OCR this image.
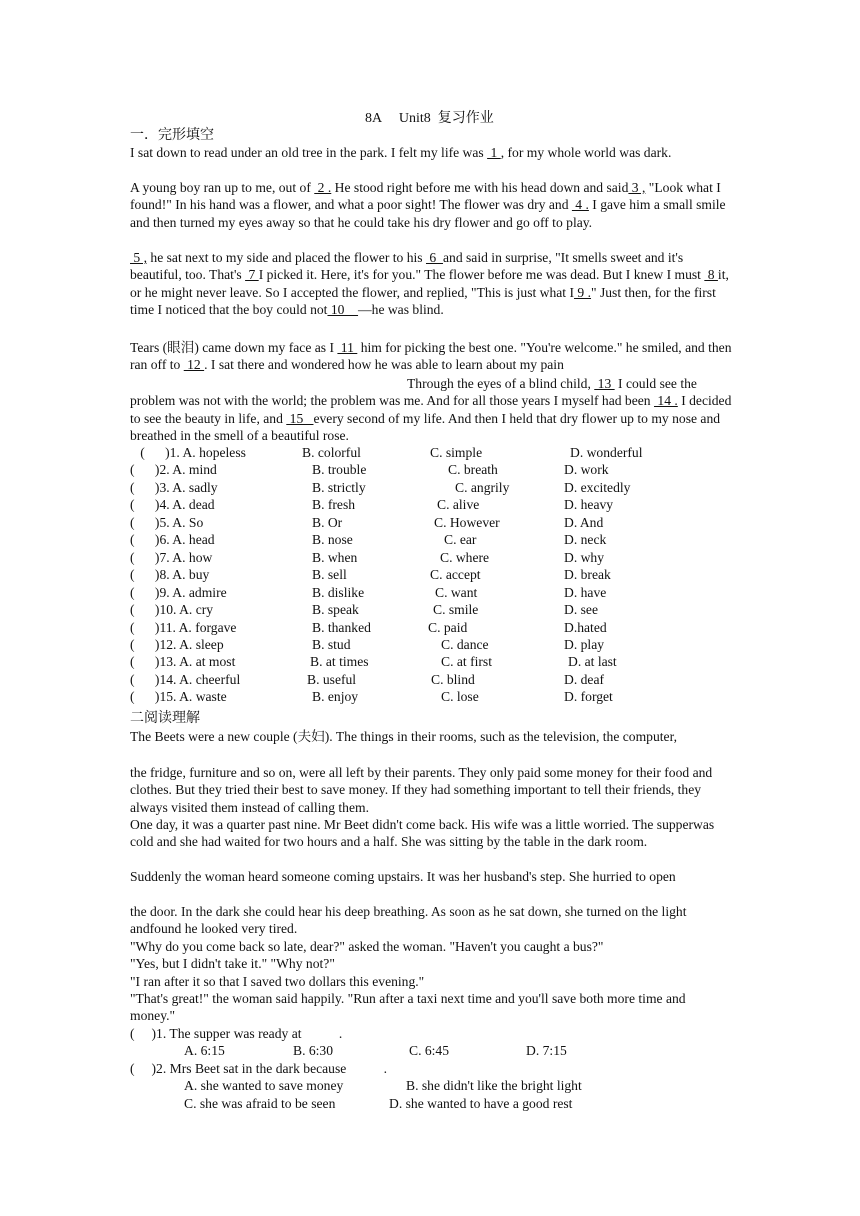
8A     Unit8  复习作业
一．完形填空
I sat down to read under an old tree in the park. I felt my life was  1 , for my whole world was dark.
A young boy ran up to me, out of  2 . He stood right before me with his head down and said 3 , "Look what I found!" In his hand was a flower, and what a poor sight! The flower was dry and  4 . I gave him a small smile and then turned my eyes away so that he could take his dry flower and go off to play.
5 , he sat next to my side and placed the flower to his  6  and said in surprise, "It smells sweet and it's beautiful, too. That's  7 I picked it. Here, it's for you." The flower before me was dead. But I knew I must  8 it, or he might never leave. So I accepted the flower, and replied, "This is just what I 9 ." Just then, for the first time I noticed that the boy could not 10    —he was blind.
Tears (眼泪) came down my face as I  11  him for picking the best one. "You're welcome." he smiled, and then ran off to  12 . I sat there and wondered how he was able to learn about my pain
Through the eyes of a blind child,  13  I could see the problem was not with the world; the problem was me. And for all those years I myself had been  14 . I decided to see the beauty in life, and  15   every second of my life. And then I held that dry flower up to my nose and breathed in the smell of a beautiful rose.
(      )1. A. hopeless	B. colorful	C. simple	D. wonderful
(      )2. A. mind	B. trouble	C. breath	D. work
(      )3. A. sadly	B. strictly	C. angrily	D. excitedly
(      )4. A. dead	B. fresh	C. alive	D. heavy
(      )5. A. So	B. Or	C. However	D. And
(      )6. A. head	B. nose	C. ear	D. neck
(      )7. A. how	B. when	C. where	D. why
(      )8. A. buy	B. sell	C. accept	D. break
(      )9. A. admire	B. dislike	C. want	D. have
(      )10. A. cry	B. speak	C. smile	D. see
(      )11. A. forgave	B. thanked	C. paid	D.hated
(      )12. A. sleep	B. stud	C. dance	D. play
(      )13. A. at most	B. at times	C. at first	D. at last
(      )14. A. cheerful	B. useful	C. blind	D. deaf
(      )15. A. waste	B. enjoy	C. lose	D. forget
二阅读理解
The Beets were a new couple (夫妇). The things in their rooms, such as the television, the computer,
the fridge, furniture and so on, were all left by their parents. They only paid some money for their food and clothes. But they tried their best to save money. If they had something important to tell their friends, they always visited them instead of calling them.
One day, it was a quarter past nine. Mr Beet didn't come back. His wife was a little worried. The supperwas cold and she had waited for two hours and a half. She was sitting by the table in the dark room.
Suddenly the woman heard someone coming upstairs. It was her husband's step. She hurried to open
the door. In the dark she could hear his deep breathing. As soon as he sat down, she turned on the light andfound he looked very tired.
"Why do you come back so late, dear?" asked the woman. "Haven't you caught a bus?"
"Yes, but I didn't take it." "Why not?"
"I ran after it so that I saved two dollars this evening."
"That's great!" the woman said happily. "Run after a taxi next time and you'll save both more time and money."

(     )1. The supper was ready at           .

A. 6:15

	B. 6:30

	C. 6:45

	D. 7:15

(     )2. Mrs Beet sat in the dark because           .

A. she wanted to save money

	B. she didn't like the bright light

C. she was afraid to be seen

	D. she wanted to have a good rest
